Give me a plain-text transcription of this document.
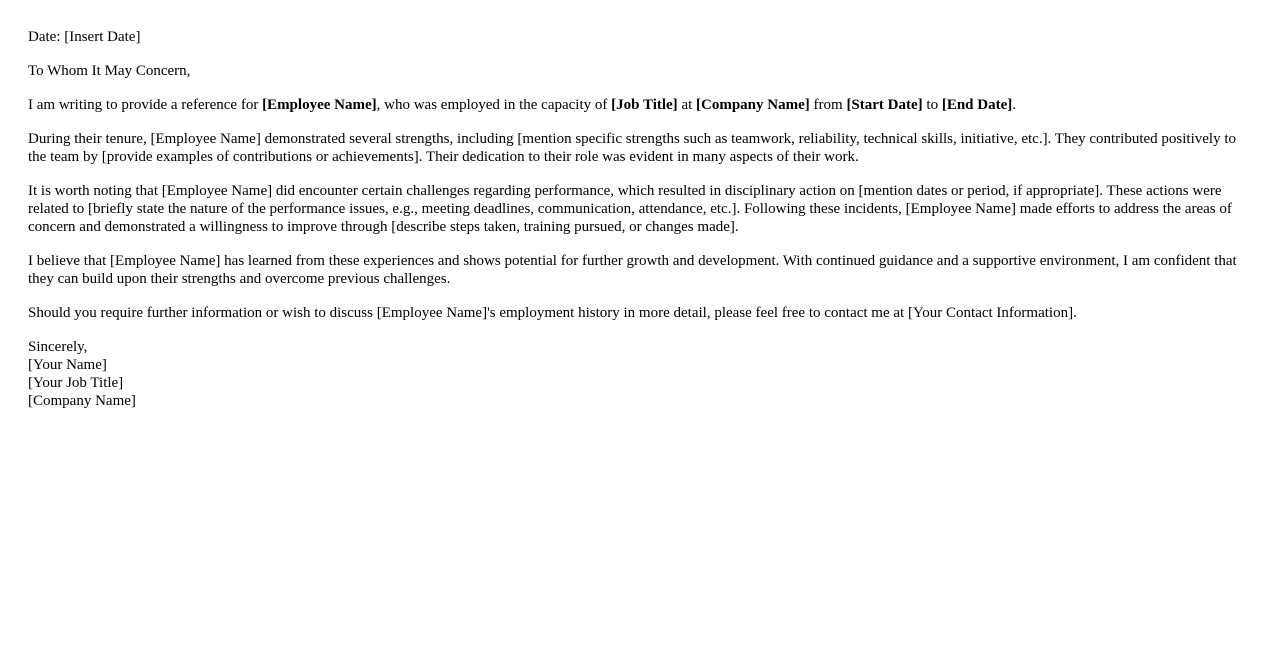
Date: [Insert Date]

To Whom It May Concern,

I am writing to provide a reference for [Employee Name], who was employed in the capacity of [Job Title] at [Company Name] from [Start Date] to [End Date].

During their tenure, [Employee Name] demonstrated several strengths, including [mention specific strengths such as teamwork, reliability, technical skills, initiative, etc.]. They contributed positively to the team by [provide examples of contributions or achievements]. Their dedication to their role was evident in many aspects of their work.

It is worth noting that [Employee Name] did encounter certain challenges regarding performance, which resulted in disciplinary action on [mention dates or period, if appropriate]. These actions were related to [briefly state the nature of the performance issues, e.g., meeting deadlines, communication, attendance, etc.]. Following these incidents, [Employee Name] made efforts to address the areas of concern and demonstrated a willingness to improve through [describe steps taken, training pursued, or changes made].

I believe that [Employee Name] has learned from these experiences and shows potential for further growth and development. With continued guidance and a supportive environment, I am confident that they can build upon their strengths and overcome previous challenges.

Should you require further information or wish to discuss [Employee Name]'s employment history in more detail, please feel free to contact me at [Your Contact Information].

Sincerely,
[Your Name]
[Your Job Title]
[Company Name]
